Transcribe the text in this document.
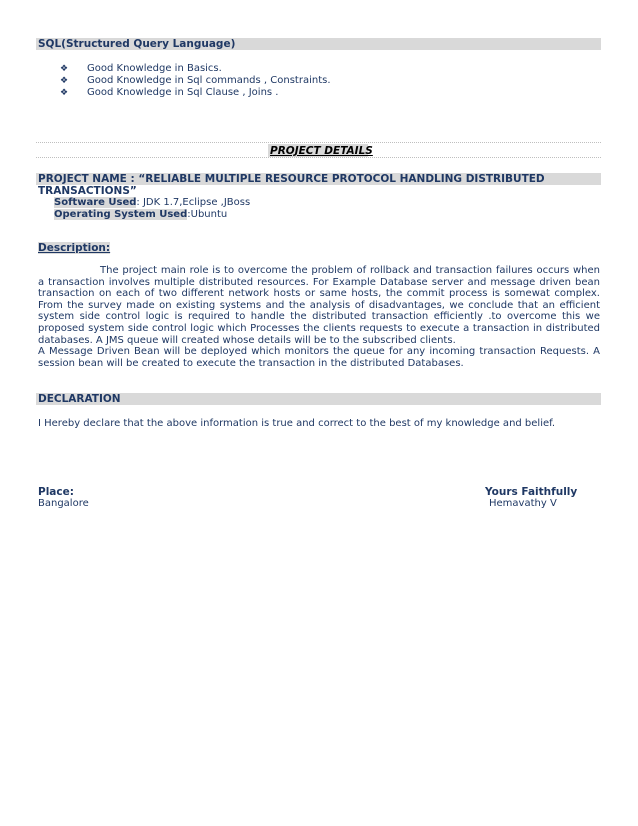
SQL(Structured Query Language)
❖	Good Knowledge in Basics.
❖	Good Knowledge in Sql commands , Constraints.
❖	Good Knowledge in Sql Clause , Joins .
PROJECT DETAILS
PROJECT NAME : “RELIABLE MULTIPLE RESOURCE PROTOCOL HANDLING DISTRIBUTED TRANSACTIONS”
Software Used: JDK 1.7,Eclipse ,JBoss
Operating System Used:Ubuntu
Description:

The project main role is to overcome the problem of rollback and transaction failures occurs when a transaction involves multiple distributed resources. For Example Database server and message driven bean transaction on each of two different network hosts or same hosts, the commit process is somewat complex. From the survey made on existing systems and the analysis of disadvantages, we conclude that an efficient system side control logic is required to handle the distributed transaction efficiently .to overcome this we proposed system side control logic which Processes the clients requests to execute a transaction in distributed databases. A JMS queue will created whose details will be to the subscribed clients.

A Message Driven Bean will be deployed which monitors the queue for any incoming transaction Requests. A session bean will be created to execute the transaction in the distributed Databases.

DECLARATION
I Hereby declare that the above information is true and correct to the best of my knowledge and belief.
Place:
Bangalore
Yours Faithfully
Hemavathy V
